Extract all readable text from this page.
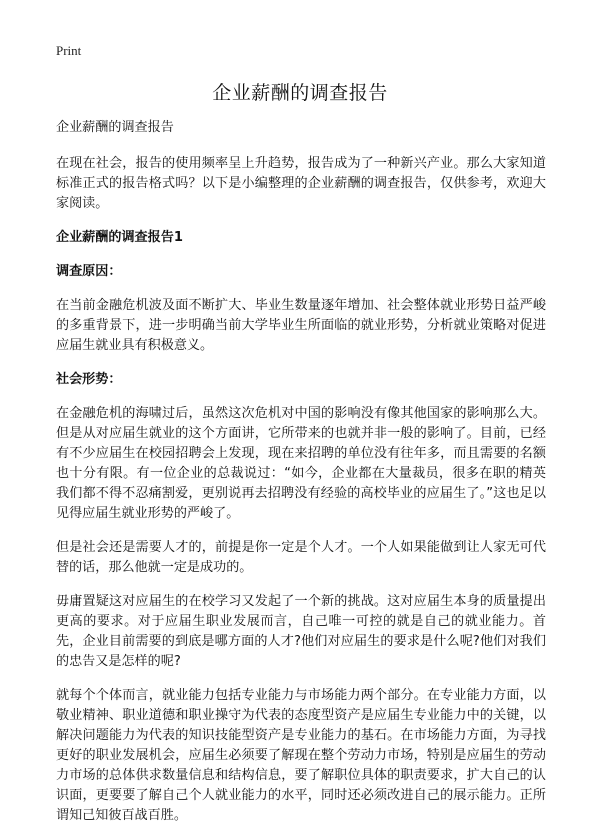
Print
企业薪酬的调查报告

企业薪酬的调查报告

在现在社会，报告的使用频率呈上升趋势，报告成为了一种新兴产业。那么大家知道标准正式的报告格式吗？以下是小编整理的企业薪酬的调查报告，仅供参考，欢迎大家阅读。

企业薪酬的调查报告1
调查原因：

在当前金融危机波及面不断扩大、毕业生数量逐年增加、社会整体就业形势日益严峻的多重背景下，进一步明确当前大学毕业生所面临的就业形势，分析就业策略对促进应届生就业具有积极意义。

社会形势：

在金融危机的海啸过后，虽然这次危机对中国的影响没有像其他国家的影响那么大。但是从对应届生就业的这个方面讲，它所带来的也就并非一般的影响了。目前，已经有不少应届生在校园招聘会上发现，现在来招聘的单位没有往年多，而且需要的名额也十分有限。有一位企业的总裁说过：“如今，企业都在大量裁员，很多在职的精英我们都不得不忍痛割爱，更别说再去招聘没有经验的高校毕业的应届生了。”这也足以见得应届生就业形势的严峻了。

但是社会还是需要人才的，前提是你一定是个人才。一个人如果能做到让人家无可代替的话，那么他就一定是成功的。

毋庸置疑这对应届生的在校学习又发起了一个新的挑战。这对应届生本身的质量提出更高的要求。对于应届生职业发展而言，自己唯一可控的就是自己的就业能力。首先，企业目前需要的到底是哪方面的人才?他们对应届生的要求是什么呢?他们对我们的忠告又是怎样的呢?

就每个个体而言，就业能力包括专业能力与市场能力两个部分。在专业能力方面，以敬业精神、职业道德和职业操守为代表的态度型资产是应届生专业能力中的关键，以解决问题能力为代表的知识技能型资产是专业能力的基石。在市场能力方面，为寻找更好的职业发展机会，应届生必须要了解现在整个劳动力市场，特别是应届生的劳动力市场的总体供求数量信息和结构信息，要了解职位具体的职责要求，扩大自己的认识面，更要要了解自己个人就业能力的水平，同时还必须改进自己的展示能力。正所谓知己知彼百战百胜。
